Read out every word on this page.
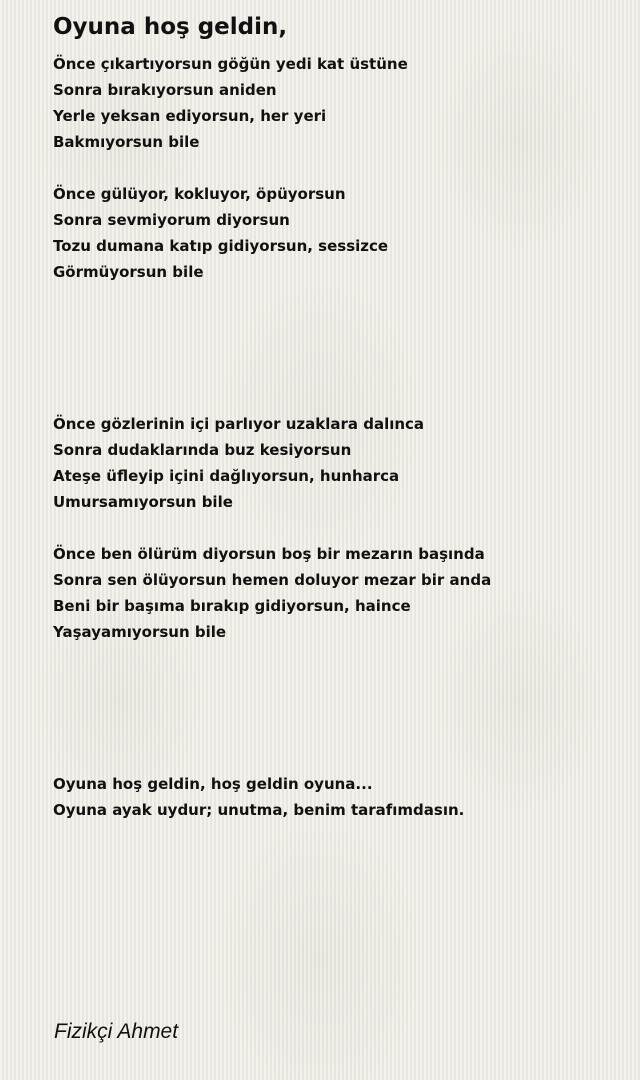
Oyuna hoş geldin,
Önce çıkartıyorsun göğün yedi kat üstüne
Sonra bırakıyorsun aniden
Yerle yeksan ediyorsun, her yeri
Bakmıyorsun bile
Önce gülüyor, kokluyor, öpüyorsun
Sonra sevmiyorum diyorsun
Tozu dumana katıp gidiyorsun, sessizce
Görmüyorsun bile
Önce gözlerinin içi parlıyor uzaklara dalınca
Sonra dudaklarında buz kesiyorsun
Ateşe üfleyip içini dağlıyorsun, hunharca
Umursamıyorsun bile
Önce ben ölürüm diyorsun boş bir mezarın başında
Sonra sen ölüyorsun hemen doluyor mezar bir anda
Beni bir başıma bırakıp gidiyorsun, haince
Yaşayamıyorsun bile
Oyuna hoş geldin, hoş geldin oyuna...
Oyuna ayak uydur; unutma, benim tarafımdasın.
Fizikçi Ahmet
